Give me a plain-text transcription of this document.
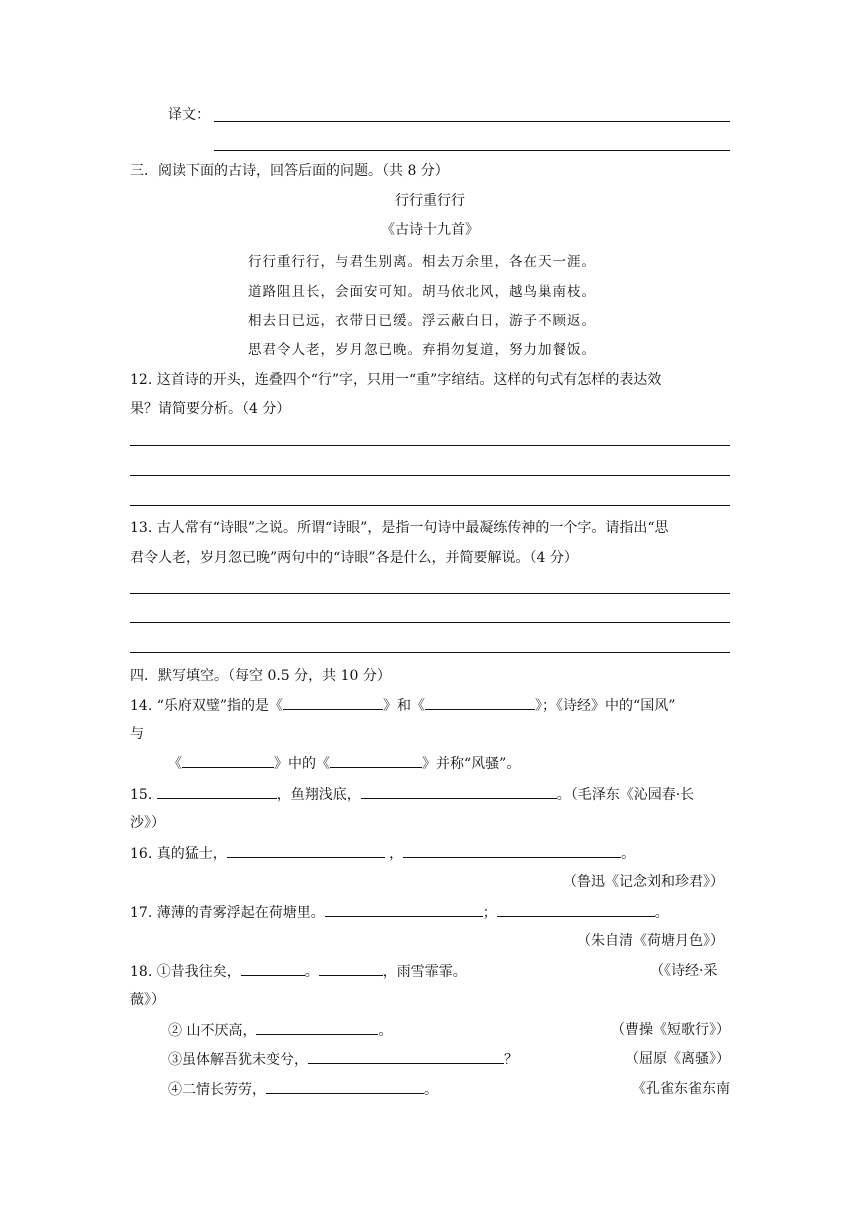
译文：
三．阅读下面的古诗，回答后面的问题。（共 8 分）
行行重行行
《古诗十九首》
行行重行行，与君生别离。相去万余里，各在天一涯。
道路阻且长，会面安可知。胡马依北风，越鸟巢南枝。
相去日已远，衣带日已缓。浮云蔽白日，游子不顾返。
思君令人老，岁月忽已晚。弃捐勿复道，努力加餐饭。
12. 这首诗的开头，连叠四个“行”字，只用一“重”字绾结。这样的句式有怎样的表达效
果？请简要分析。（4 分）
13. 古人常有“诗眼”之说。所谓“诗眼”，是指一句诗中最凝练传神的一个字。请指出“思
君令人老，岁月忽已晚”两句中的“诗眼”各是什么，并简要解说。（4 分）
四．默写填空。（每空 0.5 分，共 10 分）
14. “乐府双璧”指的是《	》和《	》；《诗经》中的“国风”
与
《	》中的《	》并称“风骚”。
15.	，鱼翔浅底，	。（毛泽东《沁园春·长
沙》）
16. 真的猛士，	，	。
（鲁迅《记念刘和珍君》）
17. 薄薄的青雾浮起在荷塘里。	；	。
（朱自清《荷塘月色》）
18. ①昔我往矣，	。	，雨雪霏霏。	（《诗经·采
薇》）
② 山不厌高，	。	（曹操《短歌行》）
③虽体解吾犹未变兮，	？	（屈原《离骚》）
④二情长劳劳，	。	《孔雀东雀东南
